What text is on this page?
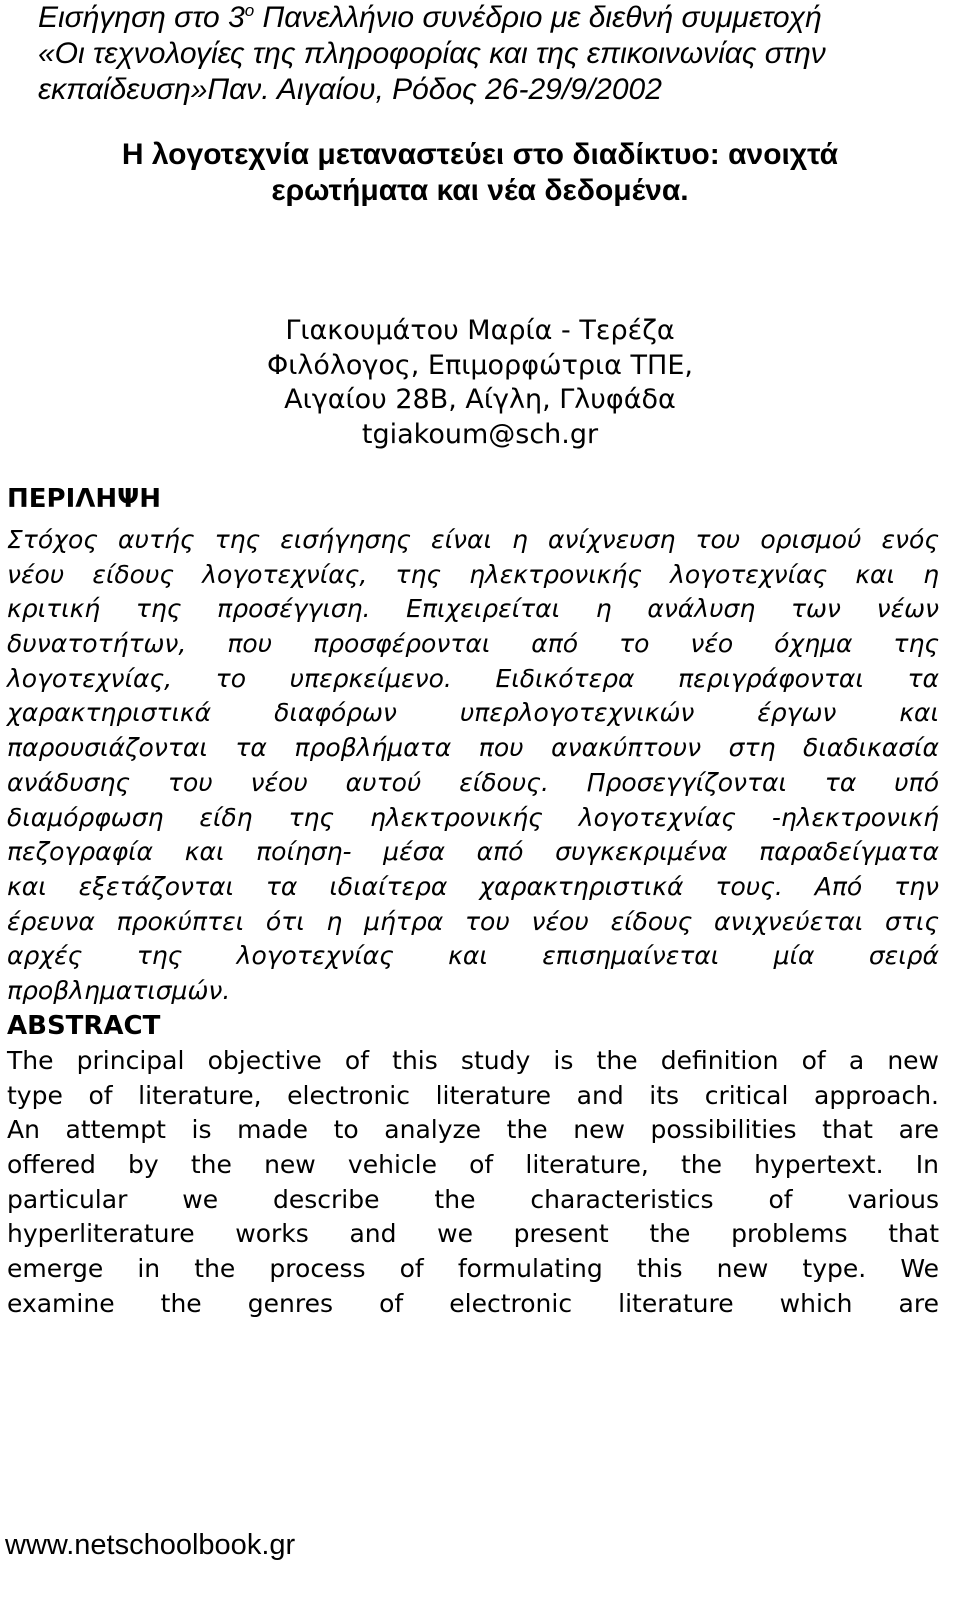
Εισήγηση στο $3^o$ Πανελλήνιο συνέδριο με διεθνή συμμετοχή
«Οι τεχνολογίες της πληροφορίας και της επικοινωνίας στην
εκπαίδευση»Παν. Αιγαίου, Ρόδος 26-29/9/2002
Η λογοτεχνία μεταναστεύει στο διαδίκτυο: ανοιχτά
ερωτήματα και νέα δεδομένα.
Γιακουμάτου Μαρία - Τερέζα
Φιλόλογος, Επιμορφώτρια ΤΠΕ,
Αιγαίου 28Β, Αίγλη, Γλυφάδα
tgiakoum@sch.gr
ΠΕΡΙΛΗΨΗ
Στόχος αυτής της εισήγησης είναι η ανίχνευση του ορισμού ενός
νέου είδους λογοτεχνίας, της ηλεκτρονικής λογοτεχνίας και η
κριτική της προσέγγιση. Επιχειρείται η ανάλυση των νέων
δυνατοτήτων, που προσφέρονται από το νέο όχημα της
λογοτεχνίας, το υπερκείμενο. Ειδικότερα περιγράφονται τα
χαρακτηριστικά διαφόρων υπερλογοτεχνικών έργων και
παρουσιάζονται τα προβλήματα που ανακύπτουν στη διαδικασία
ανάδυσης του νέου αυτού είδους. Προσεγγίζονται τα υπό
διαμόρφωση είδη της ηλεκτρονικής λογοτεχνίας -ηλεκτρονική
πεζογραφία και ποίηση- μέσα από συγκεκριμένα παραδείγματα
και εξετάζονται τα ιδιαίτερα χαρακτηριστικά τους. Από την
έρευνα προκύπτει ότι η μήτρα του νέου είδους ανιχνεύεται στις
αρχές της λογοτεχνίας και επισημαίνεται μία σειρά
προβληματισμών.
ABSTRACT
The principal objective of this study is the definition of a new
type of literature, electronic literature and its critical approach.
An attempt is made to analyze the new possibilities that are
offered by the new vehicle of literature, the hypertext. In
particular we describe the characteristics of various
hyperliterature works and we present the problems that
emerge in the process of formulating this new type. We
examine the genres of electronic literature which are
www.netschoolbook.gr
